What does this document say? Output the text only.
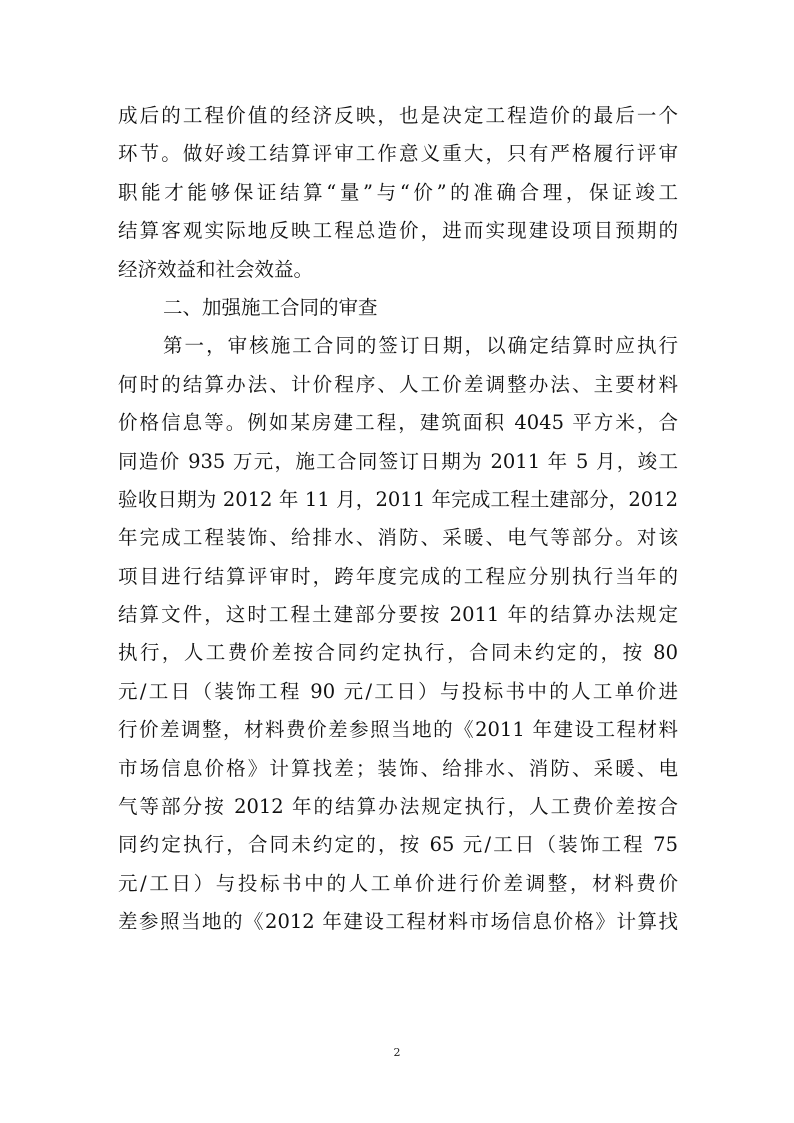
成后的工程价值的经济反映，也是决定工程造价的最后一个
环节。做好竣工结算评审工作意义重大，只有严格履行评审
职能才能够保证结算“量”与“价”的准确合理，保证竣工
结算客观实际地反映工程总造价，进而实现建设项目预期的
经济效益和社会效益。
二、加强施工合同的审查
第一，审核施工合同的签订日期，以确定结算时应执行
何时的结算办法、计价程序、人工价差调整办法、主要材料
价格信息等。例如某房建工程，建筑面积 4045 平方米，合
同造价 935 万元，施工合同签订日期为 2011 年 5 月，竣工
验收日期为 2012 年 11 月，2011 年完成工程土建部分，2012
年完成工程装饰、给排水、消防、采暖、电气等部分。对该
项目进行结算评审时，跨年度完成的工程应分别执行当年的
结算文件，这时工程土建部分要按 2011 年的结算办法规定
执行，人工费价差按合同约定执行，合同未约定的，按 80
元/工日（装饰工程 90 元/工日）与投标书中的人工单价进
行价差调整，材料费价差参照当地的《2011 年建设工程材料
市场信息价格》计算找差；装饰、给排水、消防、采暖、电
气等部分按 2012 年的结算办法规定执行，人工费价差按合
同约定执行，合同未约定的，按 65 元/工日（装饰工程 75
元/工日）与投标书中的人工单价进行价差调整，材料费价
差参照当地的《2012 年建设工程材料市场信息价格》计算找
2
